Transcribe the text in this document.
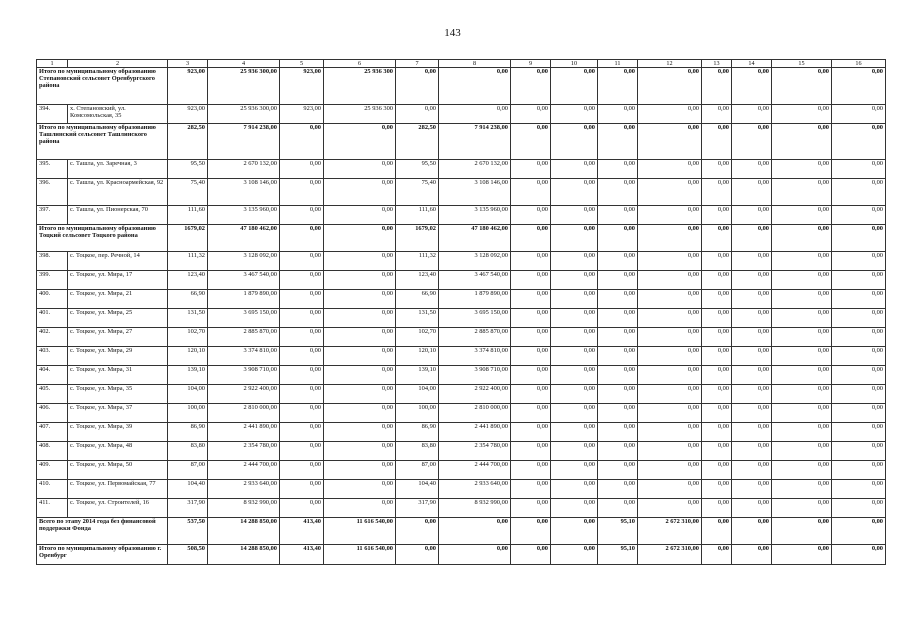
143
1	2	3	4	5	6	7	8	9	10	11	12	13	14	15	16
Итого по муниципальному образованию Степановский сельсовет Оренбургского района		923,00	25 936 300,00	923,00	25 936 300	0,00	0,00	0,00	0,00	0,00	0,00	0,00	0,00	0,00	0,00
394.	х. Степановский, ул. Комсомольская, 35	923,00	25 936 300,00	923,00	25 936 300	0,00	0,00	0,00	0,00	0,00	0,00	0,00	0,00	0,00	0,00
Итого по муниципальному образованию Ташлинский сельсовет Ташлинского района		282,50	7 914 238,00	0,00	0,00	282,50	7 914 238,00	0,00	0,00	0,00	0,00	0,00	0,00	0,00	0,00
395.	с. Ташла, ул. Заречная, 3	95,50	2 670 132,00	0,00	0,00	95,50	2 670 132,00	0,00	0,00	0,00	0,00	0,00	0,00	0,00	0,00
396.	с. Ташла, ул. Красноармейская, 92	75,40	3 108 146,00	0,00	0,00	75,40	3 108 146,00	0,00	0,00	0,00	0,00	0,00	0,00	0,00	0,00
397.	с. Ташла, ул. Пионерская, 70	111,60	3 135 960,00	0,00	0,00	111,60	3 135 960,00	0,00	0,00	0,00	0,00	0,00	0,00	0,00	0,00
Итого по муниципальному образованию Тоцкий сельсовет Тоцкого района		1679,02	47 180 462,00	0,00	0,00	1679,02	47 180 462,00	0,00	0,00	0,00	0,00	0,00	0,00	0,00	0,00
398.	с. Тоцкое, пер. Речной, 14	111,32	3 128 092,00	0,00	0,00	111,32	3 128 092,00	0,00	0,00	0,00	0,00	0,00	0,00	0,00	0,00
399.	с. Тоцкое, ул. Мира, 17	123,40	3 467 540,00	0,00	0,00	123,40	3 467 540,00	0,00	0,00	0,00	0,00	0,00	0,00	0,00	0,00
400.	с. Тоцкое, ул. Мира, 21	66,90	1 879 890,00	0,00	0,00	66,90	1 879 890,00	0,00	0,00	0,00	0,00	0,00	0,00	0,00	0,00
401.	с. Тоцкое, ул. Мира, 25	131,50	3 695 150,00	0,00	0,00	131,50	3 695 150,00	0,00	0,00	0,00	0,00	0,00	0,00	0,00	0,00
402.	с. Тоцкое, ул. Мира, 27	102,70	2 885 870,00	0,00	0,00	102,70	2 885 870,00	0,00	0,00	0,00	0,00	0,00	0,00	0,00	0,00
403.	с. Тоцкое, ул. Мира, 29	120,10	3 374 810,00	0,00	0,00	120,10	3 374 810,00	0,00	0,00	0,00	0,00	0,00	0,00	0,00	0,00
404.	с. Тоцкое, ул. Мира, 31	139,10	3 908 710,00	0,00	0,00	139,10	3 908 710,00	0,00	0,00	0,00	0,00	0,00	0,00	0,00	0,00
405.	с. Тоцкое, ул. Мира, 35	104,00	2 922 400,00	0,00	0,00	104,00	2 922 400,00	0,00	0,00	0,00	0,00	0,00	0,00	0,00	0,00
406.	с. Тоцкое, ул. Мира, 37	100,00	2 810 000,00	0,00	0,00	100,00	2 810 000,00	0,00	0,00	0,00	0,00	0,00	0,00	0,00	0,00
407.	с. Тоцкое, ул. Мира, 39	86,90	2 441 890,00	0,00	0,00	86,90	2 441 890,00	0,00	0,00	0,00	0,00	0,00	0,00	0,00	0,00
408.	с. Тоцкое, ул. Мира, 48	83,80	2 354 780,00	0,00	0,00	83,80	2 354 780,00	0,00	0,00	0,00	0,00	0,00	0,00	0,00	0,00
409.	с. Тоцкое, ул. Мира, 50	87,00	2 444 700,00	0,00	0,00	87,00	2 444 700,00	0,00	0,00	0,00	0,00	0,00	0,00	0,00	0,00
410.	с. Тоцкое, ул. Первомайская, 77	104,40	2 933 640,00	0,00	0,00	104,40	2 933 640,00	0,00	0,00	0,00	0,00	0,00	0,00	0,00	0,00
411.	с. Тоцкое, ул. Строителей, 16	317,90	8 932 990,00	0,00	0,00	317,90	8 932 990,00	0,00	0,00	0,00	0,00	0,00	0,00	0,00	0,00
Всего по этапу 2014 года без финансовой поддержки Фонда		537,50	14 288 850,00	413,40	11 616 540,00	0,00	0,00	0,00	0,00	95,10	2 672 310,00	0,00	0,00	0,00	0,00
Итого по муниципальному образованию г. Оренбург		508,50	14 288 850,00	413,40	11 616 540,00	0,00	0,00	0,00	0,00	95,10	2 672 310,00	0,00	0,00	0,00	0,00
